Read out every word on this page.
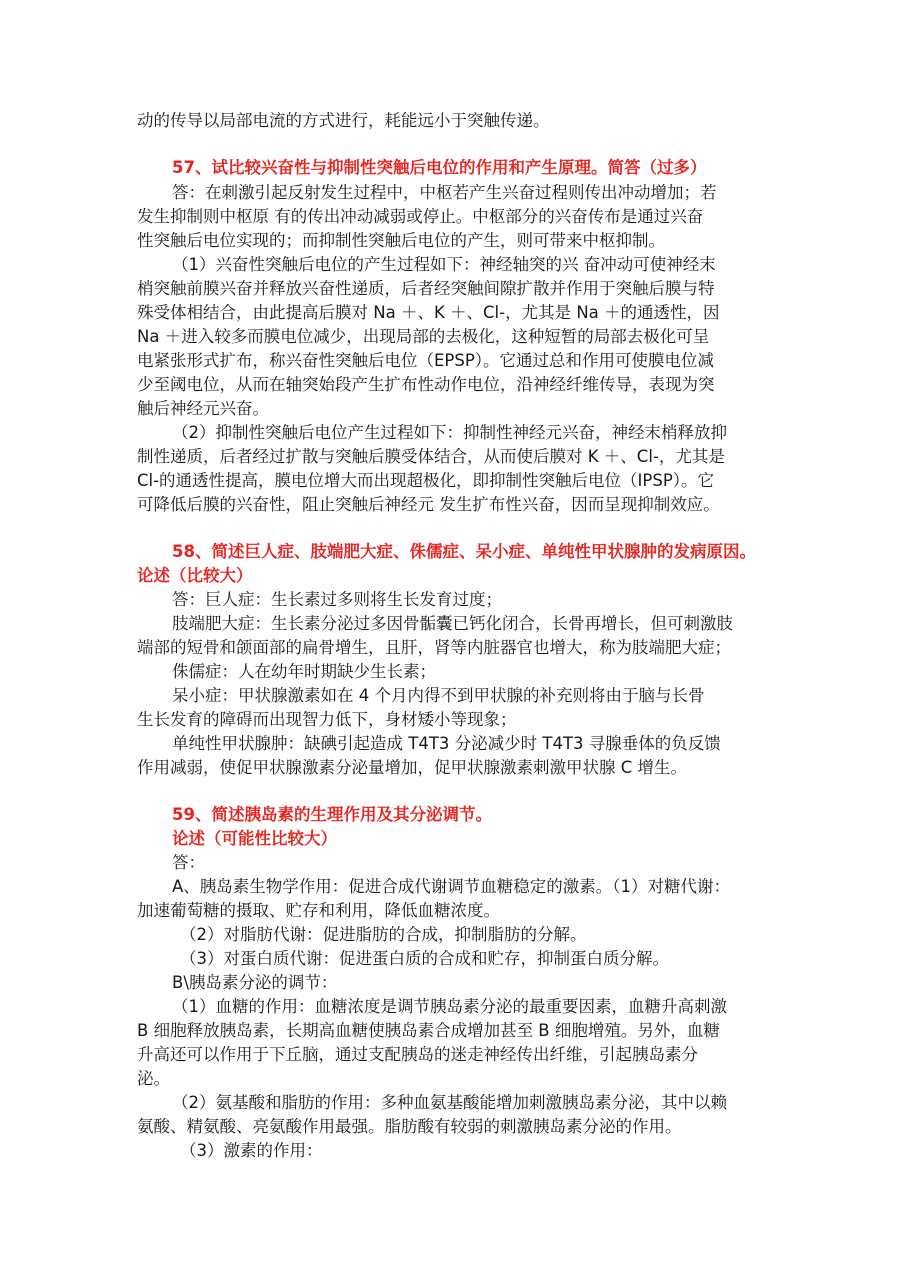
动的传导以局部电流的方式进行，耗能远小于突触传递。
57、试比较兴奋性与抑制性突触后电位的作用和产生原理。简答（过多）
答：在刺激引起反射发生过程中，中枢若产生兴奋过程则传出冲动增加；若
发生抑制则中枢原 有的传出冲动减弱或停止。中枢部分的兴奋传布是通过兴奋
性突触后电位实现的；而抑制性突触后电位的产生，则可带来中枢抑制。
（1）兴奋性突触后电位的产生过程如下：神经轴突的兴 奋冲动可使神经末
梢突触前膜兴奋并释放兴奋性递质，后者经突触间隙扩散并作用于突触后膜与特
殊受体相结合，由此提高后膜对 Na ＋、K ＋、Cl-，尤其是 Na ＋的通透性，因
Na ＋进入较多而膜电位减少，出现局部的去极化，这种短暂的局部去极化可呈
电紧张形式扩布，称兴奋性突触后电位（EPSP）。它通过总和作用可使膜电位减
少至阈电位，从而在轴突始段产生扩布性动作电位，沿神经纤维传导，表现为突
触后神经元兴奋。
（2）抑制性突触后电位产生过程如下：抑制性神经元兴奋，神经末梢释放抑
制性递质，后者经过扩散与突触后膜受体结合，从而使后膜对 K ＋、Cl-，尤其是
Cl-的通透性提高，膜电位增大而出现超极化，即抑制性突触后电位（IPSP）。它
可降低后膜的兴奋性，阻止突触后神经元 发生扩布性兴奋，因而呈现抑制效应。
58、简述巨人症、肢端肥大症、侏儒症、呆小症、单纯性甲状腺肿的发病原因。
论述（比较大）
答：巨人症：生长素过多则将生长发育过度；
肢端肥大症：生长素分泌过多因骨骺囊已钙化闭合，长骨再增长，但可刺激肢
端部的短骨和颌面部的扁骨增生，且肝，肾等内脏器官也增大，称为肢端肥大症；
侏儒症：人在幼年时期缺少生长素；
呆小症：甲状腺激素如在 4 个月内得不到甲状腺的补充则将由于脑与长骨
生长发育的障碍而出现智力低下，身材矮小等现象；
单纯性甲状腺肿：缺碘引起造成 T4T3 分泌减少时 T4T3 寻腺垂体的负反馈
作用减弱，使促甲状腺激素分泌量增加，促甲状腺激素刺激甲状腺 C 增生。
59、简述胰岛素的生理作用及其分泌调节。
论述（可能性比较大）
答：
A、胰岛素生物学作用：促进合成代谢调节血糖稳定的激素。（1）对糖代谢：
加速葡萄糖的摄取、贮存和利用，降低血糖浓度。
（2）对脂肪代谢：促进脂肪的合成，抑制脂肪的分解。
（3）对蛋白质代谢：促进蛋白质的合成和贮存，抑制蛋白质分解。
B\胰岛素分泌的调节：
（1）血糖的作用：血糖浓度是调节胰岛素分泌的最重要因素，血糖升高刺激
B 细胞释放胰岛素，长期高血糖使胰岛素合成增加甚至 B 细胞增殖。另外，血糖
升高还可以作用于下丘脑，通过支配胰岛的迷走神经传出纤维，引起胰岛素分
泌。
（2）氨基酸和脂肪的作用：多种血氨基酸能增加刺激胰岛素分泌，其中以赖
氨酸、精氨酸、亮氨酸作用最强。脂肪酸有较弱的刺激胰岛素分泌的作用。
（3）激素的作用：
